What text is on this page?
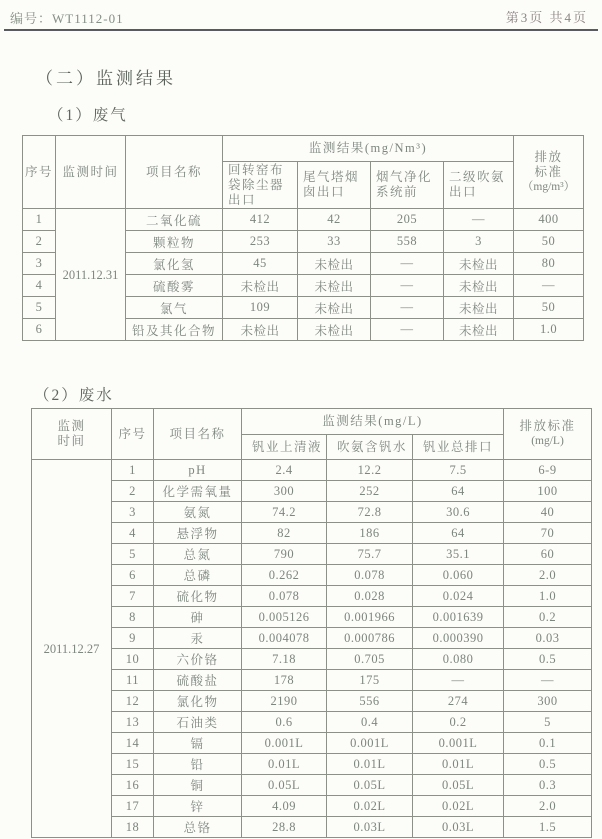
编号：WT1112-01	第3页 共4页
（二）监测结果
（1）废气
（2）废水
序号	监测时间	项目名称	监测结果(mg/Nm³)				排放
标准
（mg/m³）

			回转窑布袋除尘器出口	尾气塔烟囱出口	烟气净化系统前	二级吹氨出口	
1	2011.12.31	二氧化硫	412	42	205	—	400
2		颗粒物	253	33	558	3	50
3		氯化氢	45	未检出	—	未检出	80
4		硫酸雾	未检出	未检出	—	未检出	—
5		氯气	109	未检出	—	未检出	50
6		铅及其化合物	未检出	未检出	—	未检出	1.0
监测
时间
	序号	项目名称	监测结果(mg/L)	排放标准
(mg/L)

			钒业上清液	吹氨含钒水	钒业总排口	
2011.12.27	1	pH	2.4	12.2	7.5	6-9
	2	化学需氧量	300	252	64	100
	3	氨氮	74.2	72.8	30.6	40
	4	悬浮物	82	186	64	70
	5	总氮	790	75.7	35.1	60
	6	总磷	0.262	0.078	0.060	2.0
	7	硫化物	0.078	0.028	0.024	1.0
	8	砷	0.005126	0.001966	0.001639	0.2
	9	汞	0.004078	0.000786	0.000390	0.03
	10	六价铬	7.18	0.705	0.080	0.5
	11	硫酸盐	178	175	—	—
	12	氯化物	2190	556	274	300
	13	石油类	0.6	0.4	0.2	5
	14	镉	0.001L	0.001L	0.001L	0.1
	15	铅	0.01L	0.01L	0.01L	0.5
	16	铜	0.05L	0.05L	0.05L	0.3
	17	锌	4.09	0.02L	0.02L	2.0
	18	总铬	28.8	0.03L	0.03L	1.5
